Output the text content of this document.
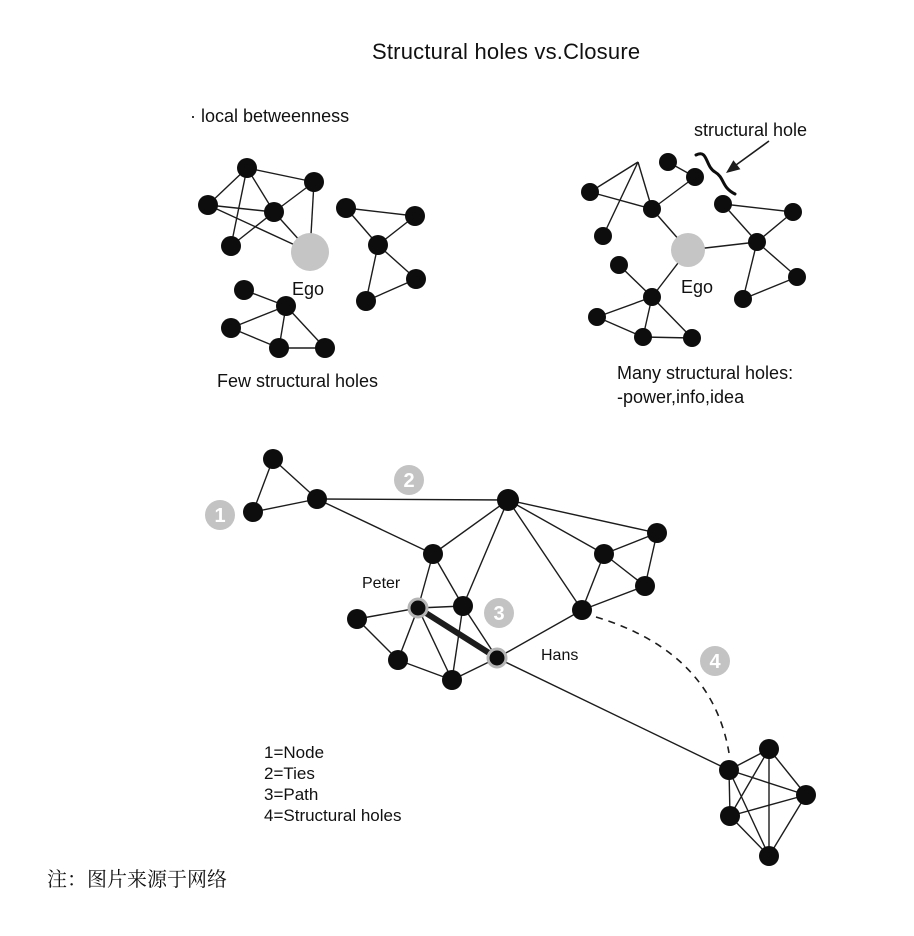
1
2
3
4
Structural holes vs.Closure
· local betweenness
Ego
Few structural holes
structural hole
Ego
Many structural holes:
-power,info,idea
Peter
Hans
1=Node
2=Ties
3=Path
4=Structural holes
注：图片来源于网络
